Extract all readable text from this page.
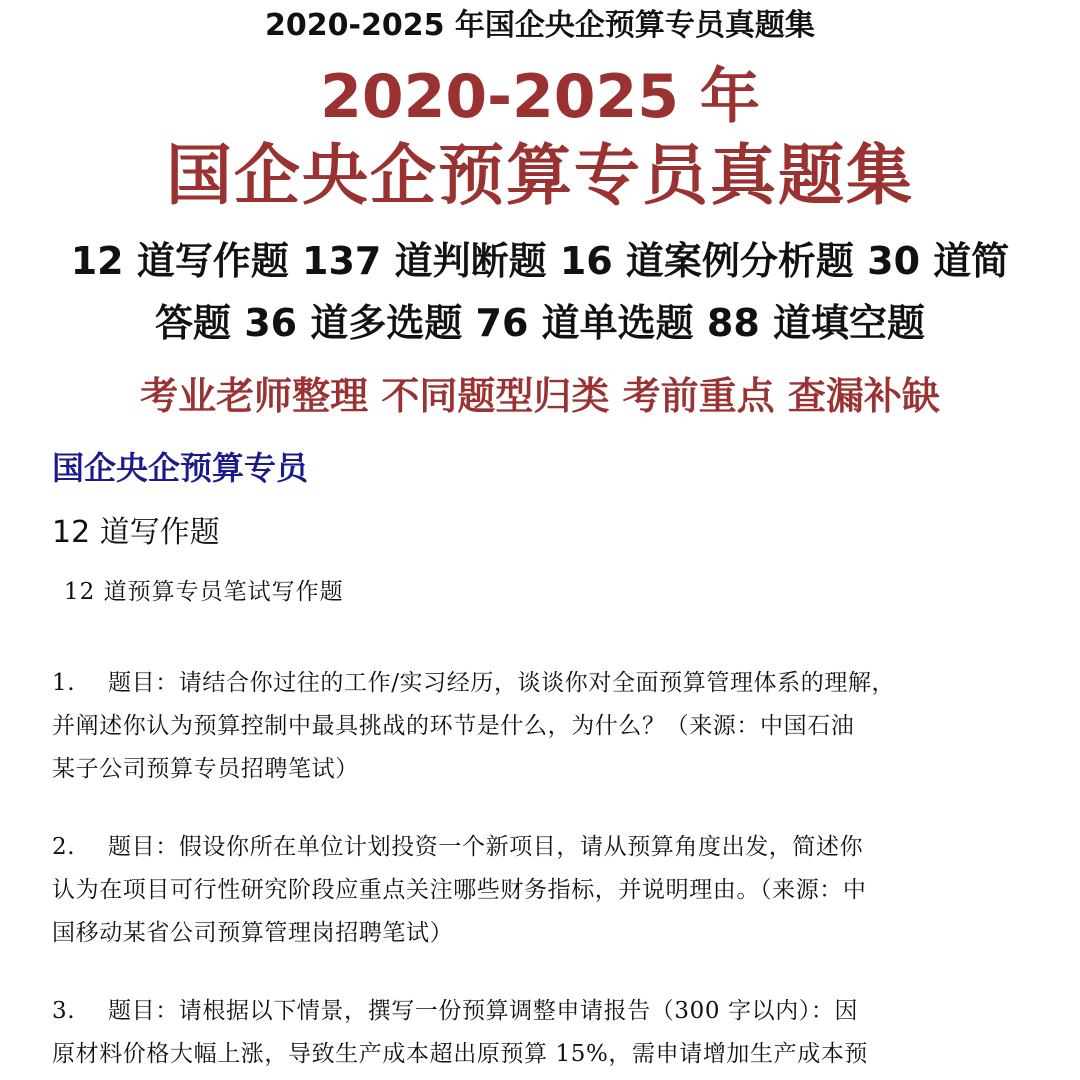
2020-2025 年国企央企预算专员真题集
2020-2025 年
国企央企预算专员真题集
12 道写作题 137 道判断题 16 道案例分析题 30 道简
答题 36 道多选题 76 道单选题 88 道填空题
考业老师整理 不同题型归类 考前重点 查漏补缺
国企央企预算专员
12 道写作题
12 道预算专员笔试写作题
1. 题目：请结合你过往的工作/实习经历，谈谈你对全面预算管理体系的理解，
并阐述你认为预算控制中最具挑战的环节是什么，为什么？（来源：中国石油
某子公司预算专员招聘笔试）
2. 题目：假设你所在单位计划投资一个新项目，请从预算角度出发，简述你
认为在项目可行性研究阶段应重点关注哪些财务指标，并说明理由。（来源：中
国移动某省公司预算管理岗招聘笔试）
3. 题目：请根据以下情景，撰写一份预算调整申请报告（300 字以内）：因
原材料价格大幅上涨，导致生产成本超出原预算 15%，需申请增加生产成本预
